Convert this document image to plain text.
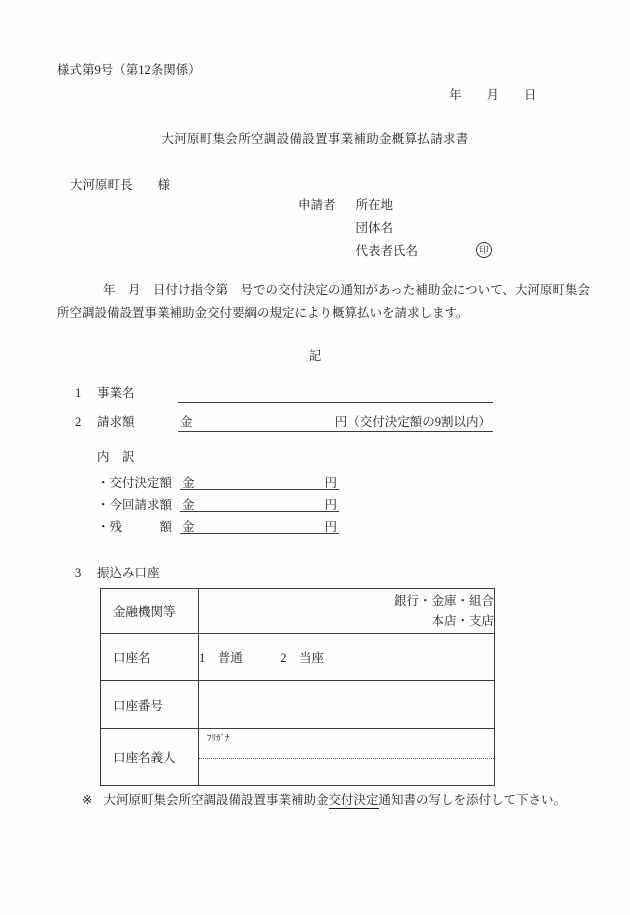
様式第9号（第12条関係）
年　　月　　日
大河原町集会所空調設備設置事業補助金概算払請求書
大河原町長　　様
申請者 所在地
団体名
代表者氏名	印
年　月　日付け指令第　号での交付決定の通知があった補助金について、大河原町集会
所空調設備設置事業補助金交付要綱の規定により概算払いを請求します。
記
1	事業名
2	請求額	金	円（交付決定額の9割以内）
内　訳
・交付決定額 金	円
・今回請求額 金	円
・残　　　額 金	円
3	振込み口座
金融機関等	銀行・金庫・組合
本店・支店

口座名	1　普通　　　2　当座
口座番号	
口座名義人	ﾌﾘｶﾞﾅ
※ 大河原町集会所空調設備設置事業補助金交付決定通知書の写しを添付して下さい。
